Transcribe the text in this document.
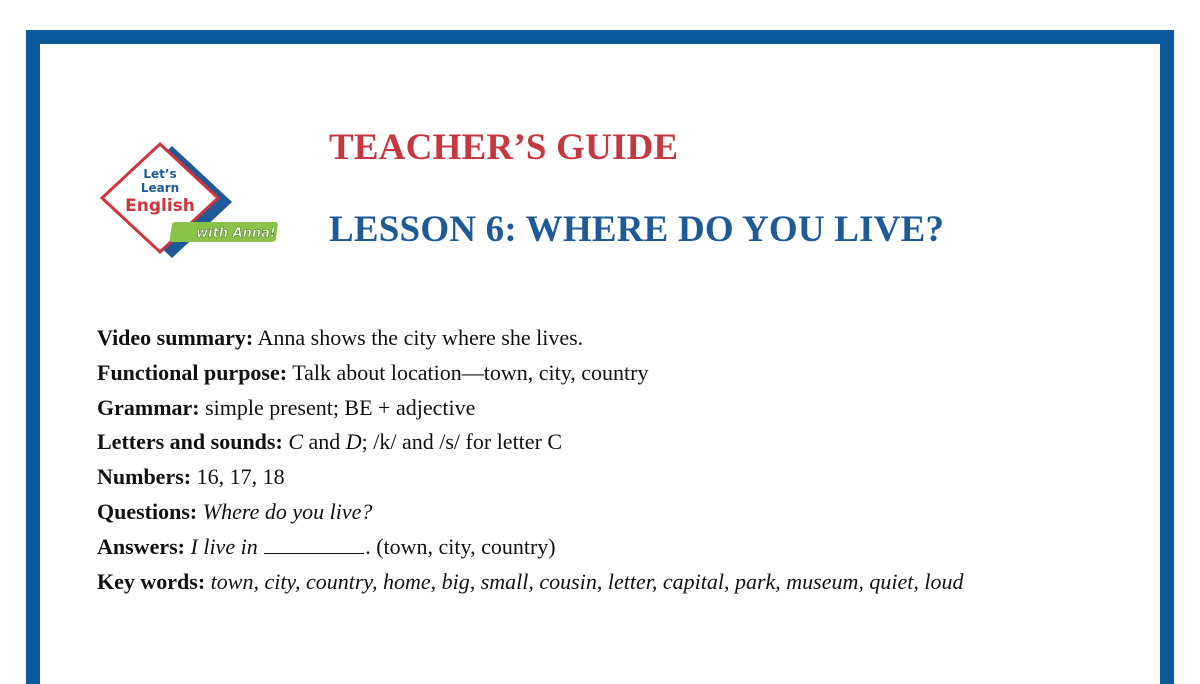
Let’s
Learn
English
with Anna!
TEACHER’S GUIDE
LESSON 6: WHERE DO YOU LIVE?
Video summary: Anna shows the city where she lives.
Functional purpose: Talk about location—town, city, country
Grammar: simple present; BE + adjective
Letters and sounds: C and D; /k/ and /s/ for letter C
Numbers: 16, 17, 18
Questions: Where do you live?
Answers: I live in	. (town, city, country)
Key words: town, city, country, home, big, small, cousin, letter, capital, park, museum, quiet, loud
